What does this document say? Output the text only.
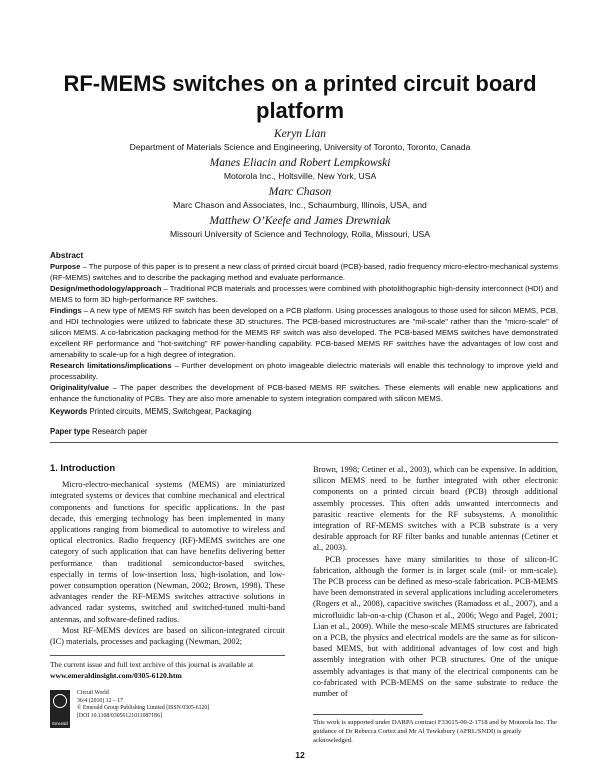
RF-MEMS switches on a printed circuit board
platform
Keryn Lian
Department of Materials Science and Engineering, University of Toronto, Toronto, Canada
Manes Eliacin and Robert Lempkowski
Motorola Inc., Holtsville, New York, USA
Marc Chason
Marc Chason and Associates, Inc., Schaumburg, Illinois, USA, and
Matthew O’Keefe and James Drewniak
Missouri University of Science and Technology, Rolla, Missouri, USA
Abstract
Purpose – The purpose of this paper is to present a new class of printed circuit board (PCB)-based, radio frequency micro-electro-mechanical systems (RF-MEMS) switches and to describe the packaging method and evaluate performance.
Design/methodology/approach – Traditional PCB materials and processes were combined with photolithographic high-density interconnect (HDI) and MEMS to form 3D high-performance RF switches.
Findings – A new type of MEMS RF switch has been developed on a PCB platform. Using processes analogous to those used for silicon MEMS, PCB, and HDI technologies were utilized to fabricate these 3D structures. The PCB-based microstructures are "mil-scale" rather than the "micro-scale" of silicon MEMS. A co-fabrication packaging method for the MEMS RF switch was also developed. The PCB-based MEMS switches have demonstrated excellent RF performance and "hot-switching" RF power-handling capability. PCB-based MEMS RF switches have the advantages of low cost and amenability to scale-up for a high degree of integration.
Research limitations/implications – Further development on photo imageable dielectric materials will enable this technology to improve yield and processability.
Originality/value – The paper describes the development of PCB-based MEMS RF switches. These elements will enable new applications and enhance the functionality of PCBs. They are also more amenable to system integration compared with silicon MEMS.
Keywords Printed circuits, MEMS, Switchgear, Packaging
Paper type Research paper
1. Introduction

Micro-electro-mechanical systems (MEMS) are miniaturized integrated systems or devices that combine mechanical and electrical components and functions for specific applications. In the past decade, this emerging technology has been implemented in many applications ranging from biomedical to automotive to wireless and optical electronics. Radio frequency (RF)-MEMS switches are one category of such application that can have benefits delivering better performance than traditional semiconductor-based switches, especially in terms of low-insertion loss, high-isolation, and low-power consumption operation (Newman, 2002; Brown, 1998). These advantages render the RF-MEMS switches attractive solutions in advanced radar systems, switched and switched-tuned multi-band antennas, and software-defined radios.

Most RF-MEMS devices are based on silicon-integrated circuit (IC) materials, processes and packaging (Newman, 2002;

Brown, 1998; Cetiner et al., 2003), which can be expensive. In addition, silicon MEMS need to be further integrated with other electronic components on a printed circuit board (PCB) through additional assembly processes. This often adds unwanted interconnects and parasitic reactive elements for the RF subsystems. A monolithic integration of RF-MEMS switches with a PCB substrate is a very desirable approach for RF filter banks and tunable antennas (Cetiner et al., 2003).

PCB processes have many similarities to those of silicon-IC fabrication, although the former is in larger scale (mil- or mm-scale). The PCB process can be defined as meso-scale fabrication. PCB-MEMS have been demonstrated in several applications including accelerometers (Rogers et al., 2008), capacitive switches (Ramadoss et al., 2007), and a microfluidic lab-on-a-chip (Chason et al., 2006; Wego and Pagel, 2001; Lian et al., 2009). While the meso-scale MEMS structures are fabricated on a PCB, the physics and electrical models are the same as for silicon-based MEMS, but with additional advantages of low cost and high assembly integration with other PCB structures. One of the unique assembly advantages is that many of the electrical components can be co-fabricated with PCB-MEMS on the same substrate to reduce the number of

The current issue and full text archive of this journal is available at
www.emeraldinsight.com/0305-6120.htm
Emerald
Circuit World
36/4 (2010) 12 – 17
© Emerald Group Publishing Limited [ISSN 0305-6120]
[DOI 10.1108/03056121011087186]
This work is supported under DARPA contract F33615-00-2-1718 and by Motorola Inc. The guidance of Dr Rebecca Cortez and Mr Al Tewksbury (AFRL/SNDI) is greatly acknowledged.
12
